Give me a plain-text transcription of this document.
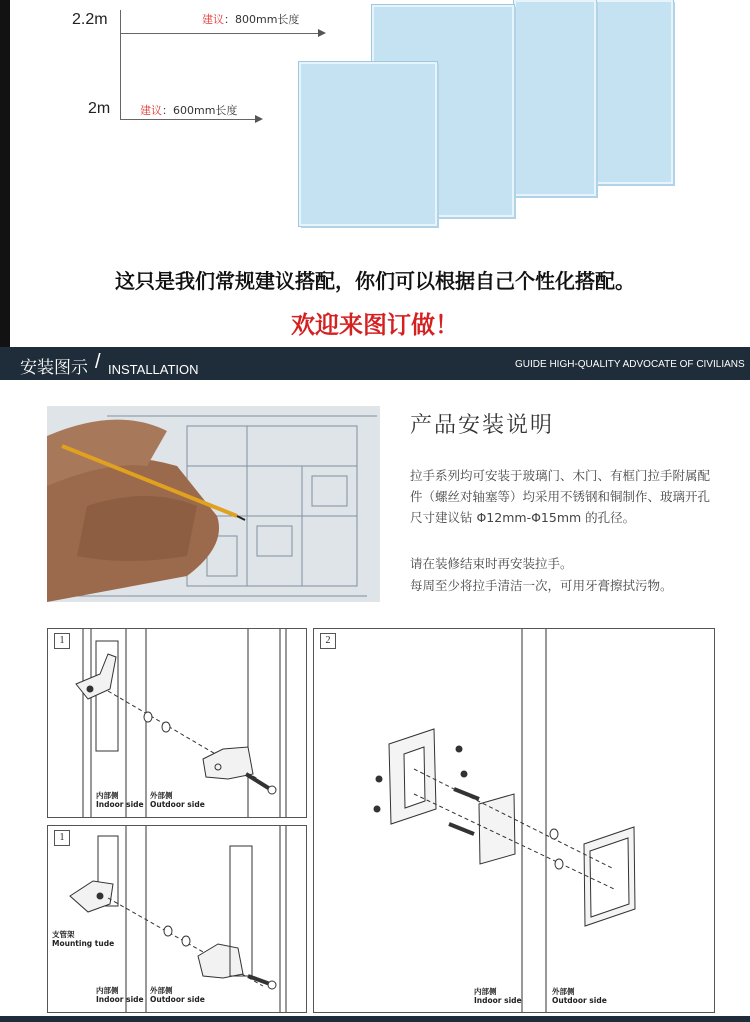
2.2m	建议：800mm长度
2m	建议：600mm长度
这只是我们常规建议搭配，你们可以根据自己个性化搭配。
欢迎来图订做！
安装图示 / INSTALLATION	GUIDE HIGH-QUALITY ADVOCATE OF CIVILIANS
产品安装说明
拉手系列均可安装于玻璃门、木门、有框门拉手附属配件（螺丝对轴塞等）均采用不锈钢和铜制作、玻璃开孔尺寸建议钻 Φ12mm-Φ15mm 的孔径。
请在装修结束时再安装拉手。
每周至少将拉手清洁一次，可用牙膏擦拭污物。
1
内部侧
Indoor side
外部侧
Outdoor side
1
支管架
Mounting tude
内部侧
Indoor side
外部侧
Outdoor side
2
内部侧
Indoor side
外部侧
Outdoor side
